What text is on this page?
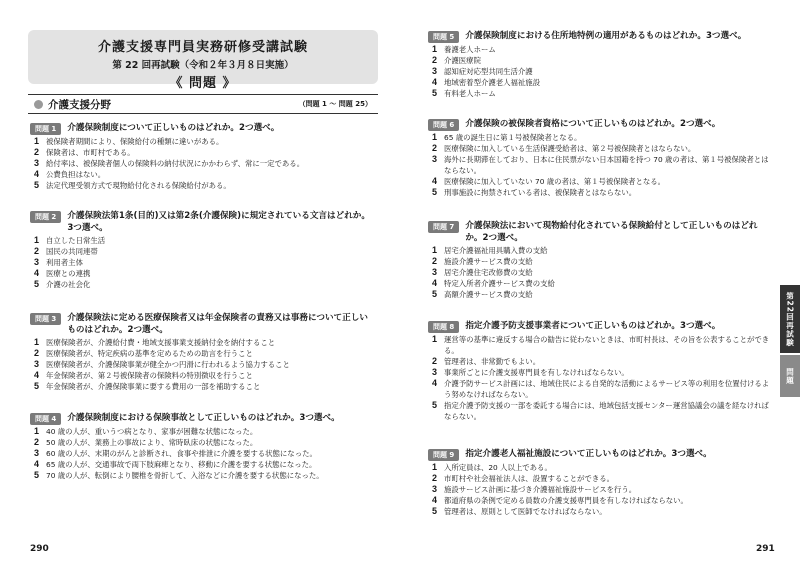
介護支援専門員実務研修受講試験
第 22 回再試験（令和２年３月８日実施）
《 問題 》
介護支援分野	（問題 1 ～ 問題 25）
290	291
第22回再試験
問題
問題 1	介護保険制度について正しいものはどれか。2つ選べ。
1 被保険者期間により、保険給付の種類に違いがある。
2 保険者は、市町村である。
3 給付率は、被保険者個人の保険料の納付状況にかかわらず、常に一定である。
4 公費負担はない。
5 法定代理受領方式で現物給付化される保険給付がある。
問題 2	介護保険法第1条(目的)又は第2条(介護保険)に規定されている文言はどれか。3つ選べ。
1 自立した日常生活
2 国民の共同連帯
3 利用者主体
4 医療との連携
5 介護の社会化
問題 3	介護保険法に定める医療保険者又は年金保険者の責務又は事務について正しいものはどれか。2つ選べ。
1 医療保険者が、介護給付費・地域支援事業支援納付金を納付すること
2 医療保険者が、特定疾病の基準を定めるための助言を行うこと
3 医療保険者が、介護保険事業が健全かつ円滑に行われるよう協力すること
4 年金保険者が、第２号被保険者の保険料の特別徴収を行うこと
5 年金保険者が、介護保険事業に要する費用の一部を補助すること
問題 4	介護保険制度における保険事故として正しいものはどれか。3つ選べ。
1 40 歳の人が、重いうつ病となり、家事が困難な状態になった。
2 50 歳の人が、業務上の事故により、常時臥床の状態になった。
3 60 歳の人が、末期のがんと診断され、食事や排泄に介護を要する状態になった。
4 65 歳の人が、交通事故で両下肢麻痺となり、移動に介護を要する状態になった。
5 70 歳の人が、転倒により腰椎を骨折して、入浴などに介護を要する状態になった。
問題 5	介護保険制度における住所地特例の適用があるものはどれか。3つ選べ。
1 養護老人ホーム
2 介護医療院
3 認知症対応型共同生活介護
4 地域密着型介護老人福祉施設
5 有料老人ホーム
問題 6	介護保険の被保険者資格について正しいものはどれか。2つ選べ。
1 65 歳の誕生日に第１号被保険者となる。
2 医療保険に加入している生活保護受給者は、第２号被保険者とはならない。
3 海外に長期滞在しており、日本に住民票がない日本国籍を持つ 70 歳の者は、第１号被保険者とはならない。
4 医療保険に加入していない 70 歳の者は、第１号被保険者となる。
5 刑事施設に拘禁されている者は、被保険者とはならない。
問題 7	介護保険法において現物給付化されている保険給付として正しいものはどれか。2つ選べ。
1 居宅介護福祉用具購入費の支給
2 施設介護サービス費の支給
3 居宅介護住宅改修費の支給
4 特定入所者介護サービス費の支給
5 高額介護サービス費の支給
問題 8	指定介護予防支援事業者について正しいものはどれか。3つ選べ。
1 運営等の基準に違反する場合の勧告に従わないときは、市町村長は、その旨を公表することができる。
2 管理者は、非常勤でもよい。
3 事業所ごとに介護支援専門員を有しなければならない。
4 介護予防サービス計画には、地域住民による自発的な活動によるサービス等の利用を位置付けるよう努めなければならない。
5 指定介護予防支援の一部を委託する場合には、地域包括支援センター運営協議会の議を経なければならない。
問題 9	指定介護老人福祉施設について正しいものはどれか。3つ選べ。
1 入所定員は、20 人以上である。
2 市町村や社会福祉法人は、設置することができる。
3 施設サービス計画に基づき介護福祉施設サービスを行う。
4 都道府県の条例で定める員数の介護支援専門員を有しなければならない。
5 管理者は、原則として医師でなければならない。
